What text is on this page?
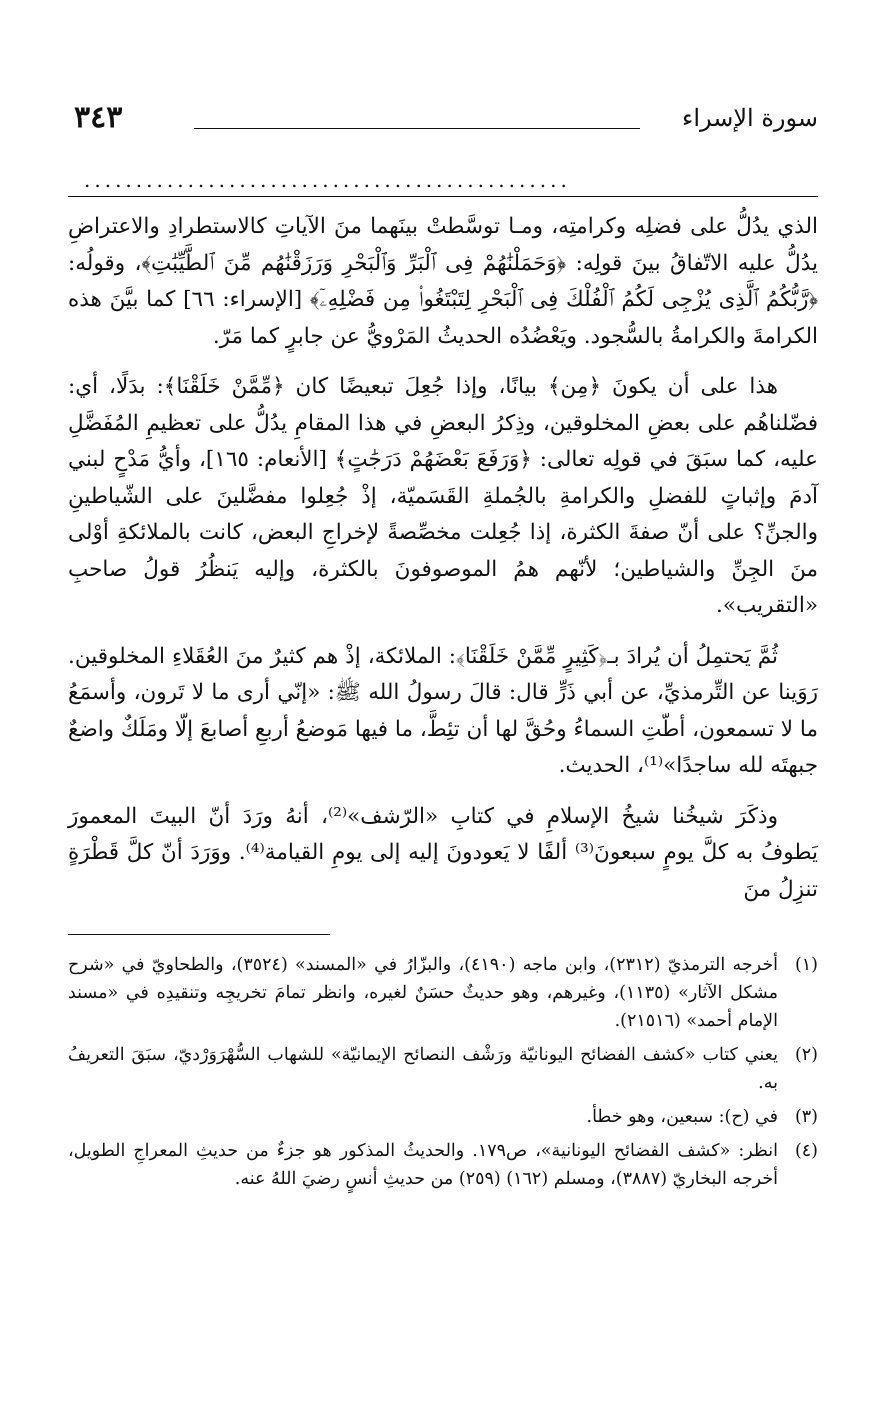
سورة الإسراء
٣٤٣
...............................................

الذي يدُلُّ على فضلِه وكرامتِه، ومـا توسَّطتْ بينَهما منَ الآياتِ كالاستطرادِ والاعتراضِ يدُلُّ عليه الاتّفاقُ بينَ قولِه: ﴿وَحَمَلْنَٰهُمْ فِى ٱلْبَرِّ وَٱلْبَحْرِ وَرَزَقْنَٰهُم مِّنَ ٱلطَّيِّبَٰتِ﴾، وقولُه: ﴿رَّبُّكُمُ ٱلَّذِى يُزْجِى لَكُمُ ٱلْفُلْكَ فِى ٱلْبَحْرِ لِتَبْتَغُوا۟ مِن فَضْلِهِۦٓ﴾ [الإسراء: ٦٦] كما بيَّنَ هذه الكرامةَ والكرامةُ بالسُّجود. ويَعْضُدُه الحديثُ المَرْويُّ عن جابرٍ كما مَرّ.

هذا على أن يكونَ ﴿مِن﴾ بيانًا، وإذا جُعِلَ تبعيضًا كان ﴿مِّمَّنْ خَلَقْنَا﴾: بدَلًا، أي: فضّلناهُم على بعضِ المخلوقين، وذِكرُ البعضِ في هذا المقامِ يدُلُّ على تعظيمِ المُفَضَّلِ عليه، كما سبَقَ في قولِه تعالى: ﴿وَرَفَعَ بَعْضَهُمْ دَرَجَٰتٍ﴾ [الأنعام: ١٦٥]، وأيُّ مَدْحٍ لبني آدمَ وإثباتٍ للفضلِ والكرامةِ بالجُملةِ القَسَميّة، إذْ جُعِلوا مفضَّلينَ على الشّياطينِ والجنِّ؟ على أنّ صفةَ الكثرة، إذا جُعِلت مخصِّصةً لإخراجِ البعض، كانت بالملائكةِ أوْلى منَ الجِنِّ والشياطين؛ لأنّهم همُ الموصوفونَ بالكثرة، وإليه يَنظُرُ قولُ صاحبِ «التقريب».

ثُمَّ يَحتمِلُ أن يُرادَ بـ﴿كَثِيرٍ مِّمَّنْ خَلَقْنَا﴾: الملائكة، إذْ هم كثيرٌ منَ العُقَلاءِ المخلوقين. رَوَينا عن التِّرمذيِّ، عن أبي ذَرٍّ قال: قالَ رسولُ الله ﷺ: «إنّي أرى ما لا تَرون، وأسمَعُ ما لا تسمعون، أطّتِ السماءُ وحُقَّ لها أن تئِطَّ، ما فيها مَوضعُ أربعِ أصابعَ إلّا ومَلَكٌ واضعٌ جبهتَه لله ساجدًا»⁽¹⁾، الحديث.

وذكَرَ شيخُنا شيخُ الإسلامِ في كتابِ «الرّشف»⁽²⁾، أنهُ ورَدَ أنّ البيتَ المعمورَ يَطوفُ به كلَّ يومٍ سبعونَ⁽³⁾ ألفًا لا يَعودونَ إليه إلى يومِ القيامة⁽⁴⁾. ووَرَدَ أنّ كلَّ قَطْرَةٍ تنزِلُ منَ

(١)
أخرجه الترمذيّ (٢٣١٢)، وابن ماجه (٤١٩٠)، والبزّارُ في «المسند» (٣٥٢٤)، والطحاويّ في «شرح مشكل الآثار» (١١٣٥)، وغيرهم، وهو حديثٌ حسَنٌ لغيره، وانظر تمامَ تخريجِه وتنقيدِه في «مسند الإمام أحمد» (٢١٥١٦).

(٢)
يعني كتاب «كشف الفضائح اليونانيّة ورَشْف النصائح الإيمانيّة» للشهاب السُّهْرَوَرْديّ، سبَقَ التعريفُ به.

(٣)
في (ح): سبعين، وهو خطأ.

(٤)
انظر: «كشف الفضائح اليونانية»، ص١٧٩. والحديثُ المذكور هو جزءٌ من حديثِ المعراجِ الطويل، أخرجه البخاريّ (٣٨٨٧)، ومسلم (١٦٢) (٢٥٩) من حديثِ أنسٍ رضيَ اللهُ عنه.
